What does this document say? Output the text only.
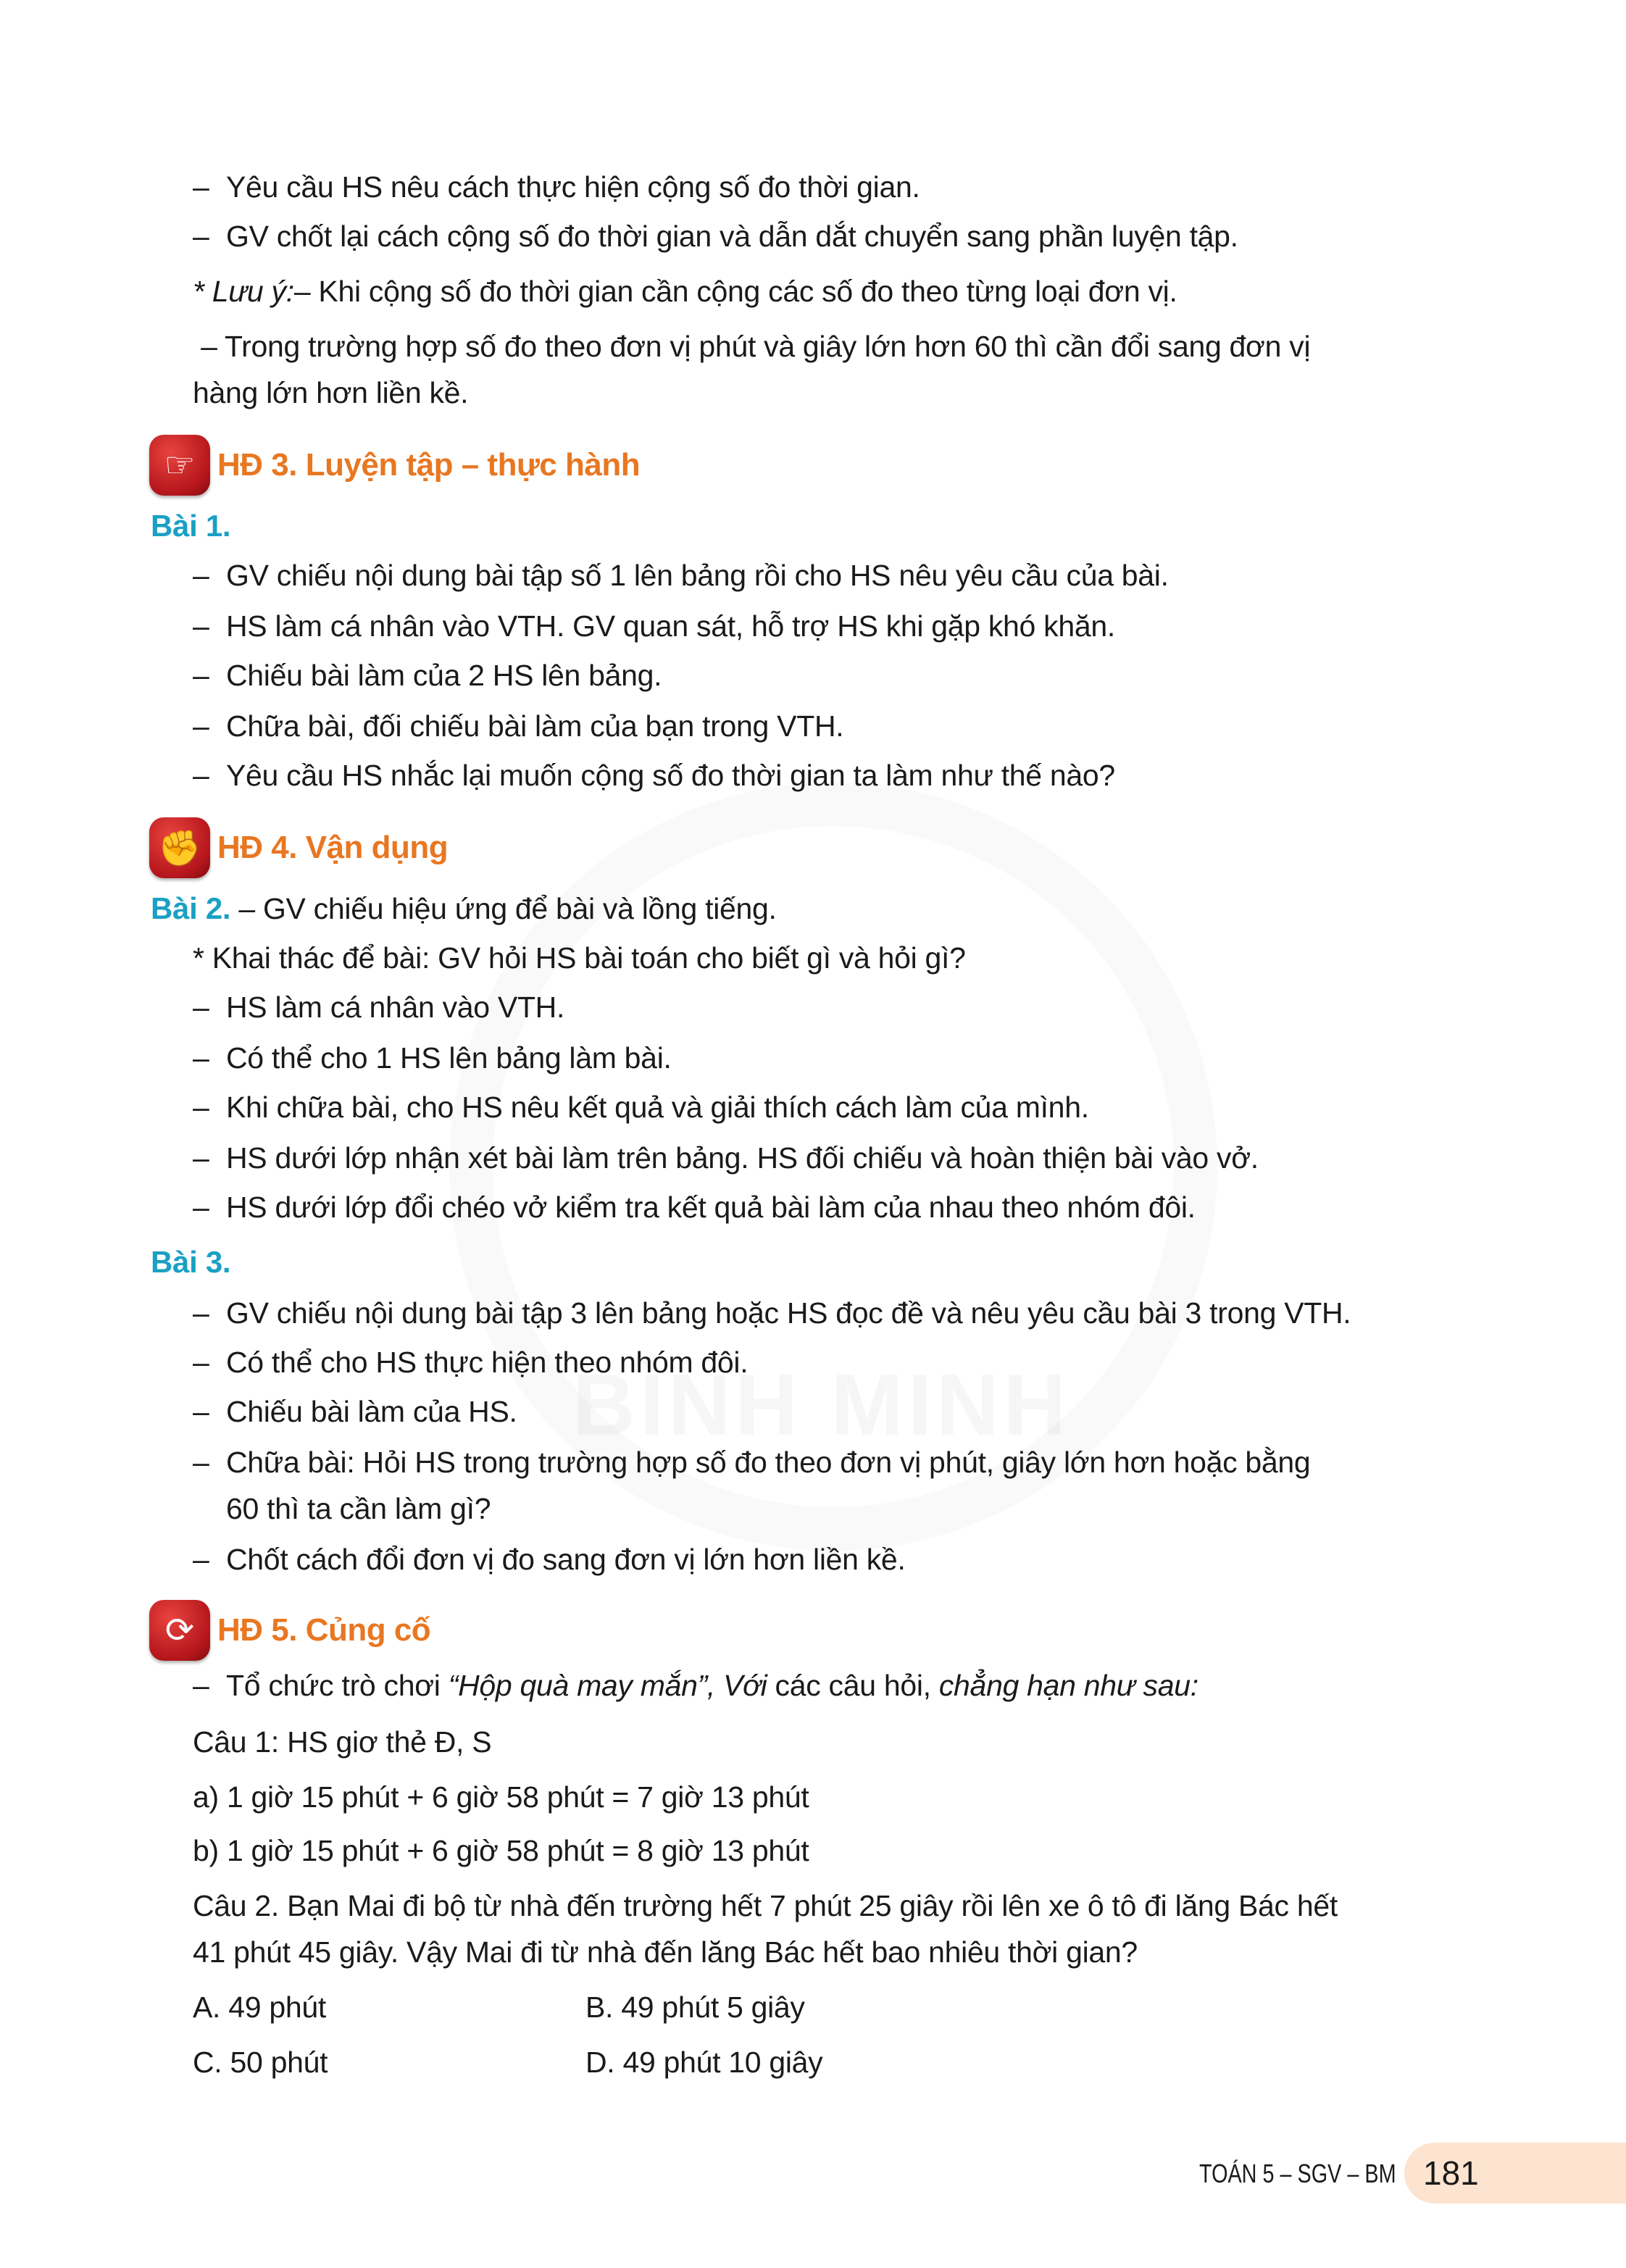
– Yêu cầu HS nêu cách thực hiện cộng số đo thời gian.
– GV chốt lại cách cộng số đo thời gian và dẫn dắt chuyển sang phần luyện tập.
* Lưu ý:– Khi cộng số đo thời gian cần cộng các số đo theo từng loại đơn vị.
– Trong trường hợp số đo theo đơn vị phút và giây lớn hơn 60 thì cần đổi sang đơn vị
hàng lớn hơn liền kề.
☞ HĐ 3. Luyện tập – thực hành
Bài 1.
– GV chiếu nội dung bài tập số 1 lên bảng rồi cho HS nêu yêu cầu của bài.
– HS làm cá nhân vào VTH. GV quan sát, hỗ trợ HS khi gặp khó khăn.
– Chiếu bài làm của 2 HS lên bảng.
– Chữa bài, đối chiếu bài làm của bạn trong VTH.
– Yêu cầu HS nhắc lại muốn cộng số đo thời gian ta làm như thế nào?
✊ HĐ 4. Vận dụng
Bài 2. – GV chiếu hiệu ứng để bài và lồng tiếng.
* Khai thác để bài: GV hỏi HS bài toán cho biết gì và hỏi gì?
– HS làm cá nhân vào VTH.
– Có thể cho 1 HS lên bảng làm bài.
– Khi chữa bài, cho HS nêu kết quả và giải thích cách làm của mình.
– HS dưới lớp nhận xét bài làm trên bảng. HS đối chiếu và hoàn thiện bài vào vở.
– HS dưới lớp đổi chéo vở kiểm tra kết quả bài làm của nhau theo nhóm đôi.
Bài 3.
– GV chiếu nội dung bài tập 3 lên bảng hoặc HS đọc đề và nêu yêu cầu bài 3 trong VTH.
– Có thể cho HS thực hiện theo nhóm đôi.
– Chiếu bài làm của HS.
– Chữa bài: Hỏi HS trong trường hợp số đo theo đơn vị phút, giây lớn hơn hoặc bằng
60 thì ta cần làm gì?
– Chốt cách đổi đơn vị đo sang đơn vị lớn hơn liền kề.
⟳ HĐ 5. Củng cố
– Tổ chức trò chơi “Hộp quà may mắn”, Với các câu hỏi, chẳng hạn như sau:
Câu 1: HS giơ thẻ Đ, S
a) 1 giờ 15 phút + 6 giờ 58 phút = 7 giờ 13 phút
b) 1 giờ 15 phút + 6 giờ 58 phút = 8 giờ 13 phút
Câu 2. Bạn Mai đi bộ từ nhà đến trường hết 7 phút 25 giây rồi lên xe ô tô đi lăng Bác hết
41 phút 45 giây. Vậy Mai đi từ nhà đến lăng Bác hết bao nhiêu thời gian?
A. 49 phút	B. 49 phút 5 giây
C. 50 phút	D. 49 phút 10 giây
TOÁN 5 – SGV – BM 181
